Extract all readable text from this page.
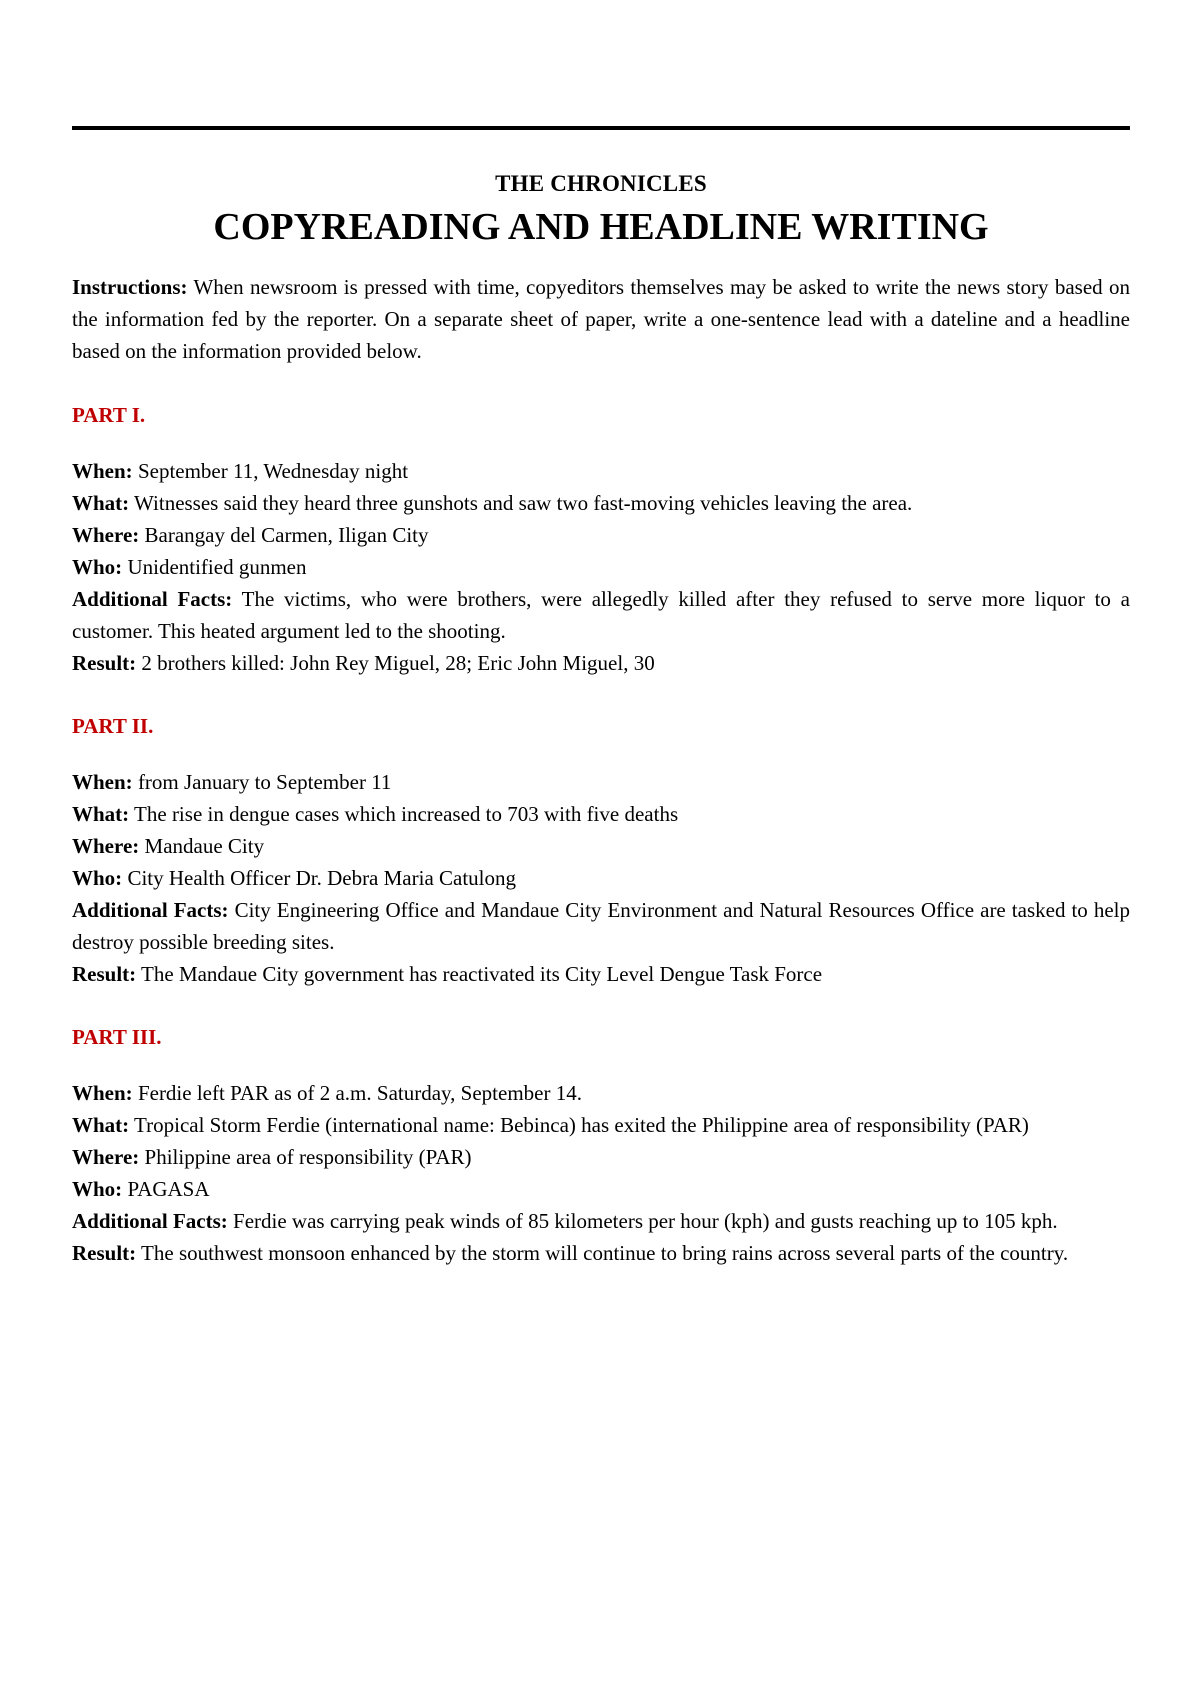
THE CHRONICLES
COPYREADING AND HEADLINE WRITING

Instructions: When newsroom is pressed with time, copyeditors themselves may be asked to write the news story based on the information fed by the reporter. On a separate sheet of paper, write a one-sentence lead with a dateline and a headline based on the information provided below.

PART I.

When: September 11, Wednesday night

What: Witnesses said they heard three gunshots and saw two fast-moving vehicles leaving the area.

Where: Barangay del Carmen, Iligan City

Who: Unidentified gunmen

Additional Facts: The victims, who were brothers, were allegedly killed after they refused to serve more liquor to a customer. This heated argument led to the shooting.

Result: 2 brothers killed: John Rey Miguel, 28; Eric John Miguel, 30

PART II.

When: from January to September 11

What: The rise in dengue cases which increased to 703 with five deaths

Where: Mandaue City

Who: City Health Officer Dr. Debra Maria Catulong

Additional Facts: City Engineering Office and Mandaue City Environment and Natural Resources Office are tasked to help destroy possible breeding sites.

Result: The Mandaue City government has reactivated its City Level Dengue Task Force

PART III.

When: Ferdie left PAR as of 2 a.m. Saturday, September 14.

What: Tropical Storm Ferdie (international name: Bebinca) has exited the Philippine area of responsibility (PAR)

Where: Philippine area of responsibility (PAR)

Who: PAGASA

Additional Facts: Ferdie was carrying peak winds of 85 kilometers per hour (kph) and gusts reaching up to 105 kph.

Result: The southwest monsoon enhanced by the storm will continue to bring rains across several parts of the country.
